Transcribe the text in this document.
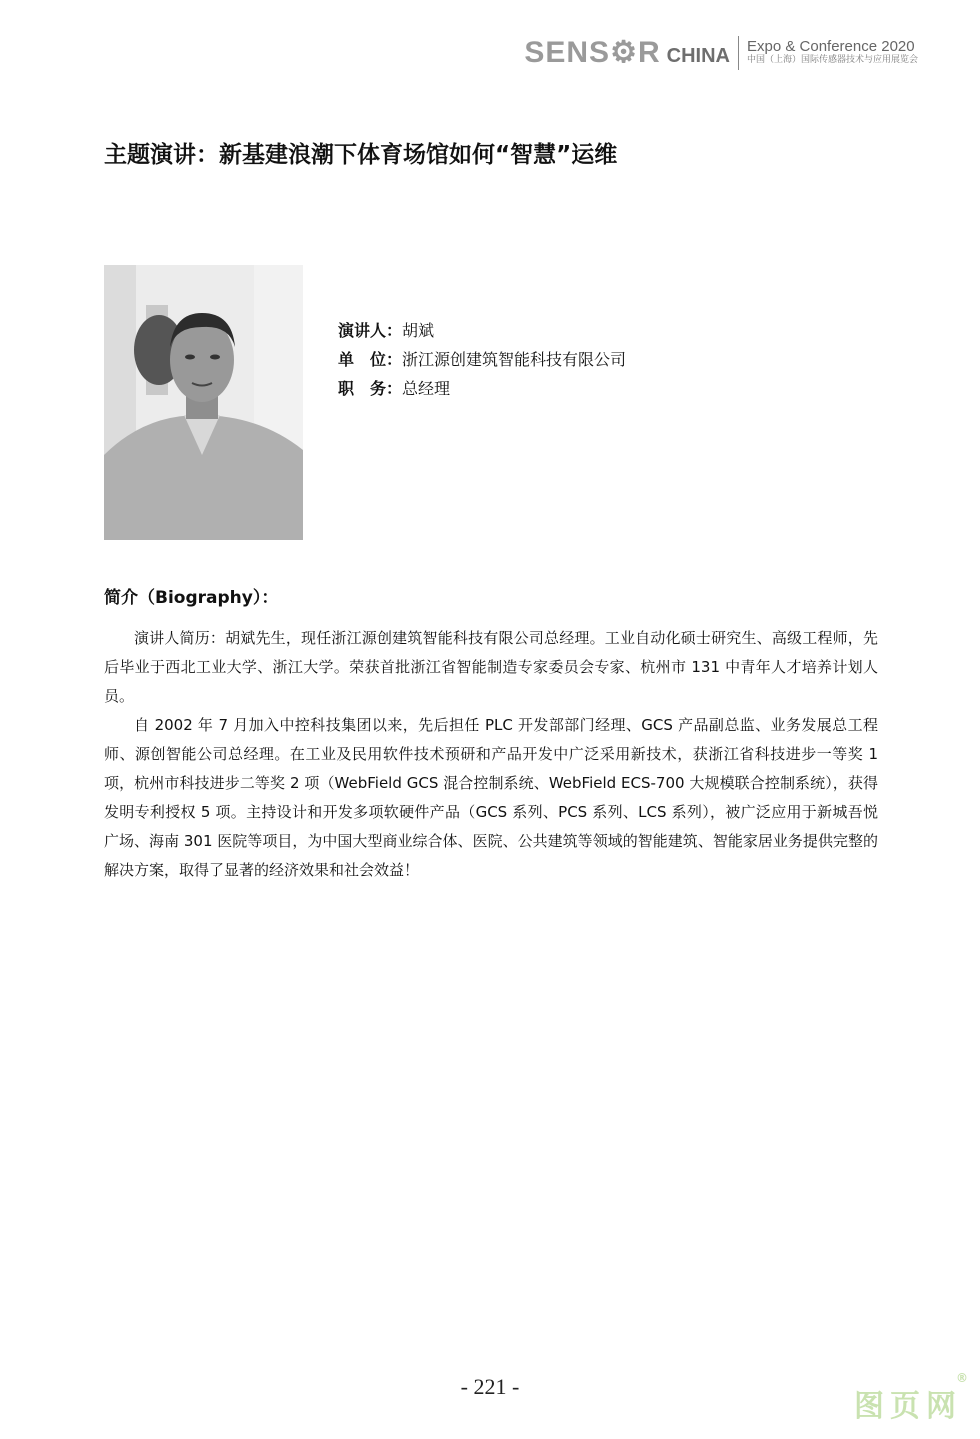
SENS⚙R CHINA Expo & Conference 2020
中国（上海）国际传感器技术与应用展览会
主题演讲：新基建浪潮下体育场馆如何“智慧”运维
演讲人：胡斌
单　位：浙江源创建筑智能科技有限公司
职　务：总经理
简介（Biography）：

演讲人简历：胡斌先生，现任浙江源创建筑智能科技有限公司总经理。工业自动化硕士研究生、高级工程师，先后毕业于西北工业大学、浙江大学。荣获首批浙江省智能制造专家委员会专家、杭州市 131 中青年人才培养计划人员。

自 2002 年 7 月加入中控科技集团以来，先后担任 PLC 开发部部门经理、GCS 产品副总监、业务发展总工程师、源创智能公司总经理。在工业及民用软件技术预研和产品开发中广泛采用新技术，获浙江省科技进步一等奖 1 项，杭州市科技进步二等奖 2 项（WebField GCS 混合控制系统、WebField ECS-700 大规模联合控制系统），获得发明专利授权 5 项。主持设计和开发多项软硬件产品（GCS 系列、PCS 系列、LCS 系列），被广泛应用于新城吾悦广场、海南 301 医院等项目，为中国大型商业综合体、医院、公共建筑等领域的智能建筑、智能家居业务提供完整的解决方案，取得了显著的经济效果和社会效益！

- 221 -
图页网
®
